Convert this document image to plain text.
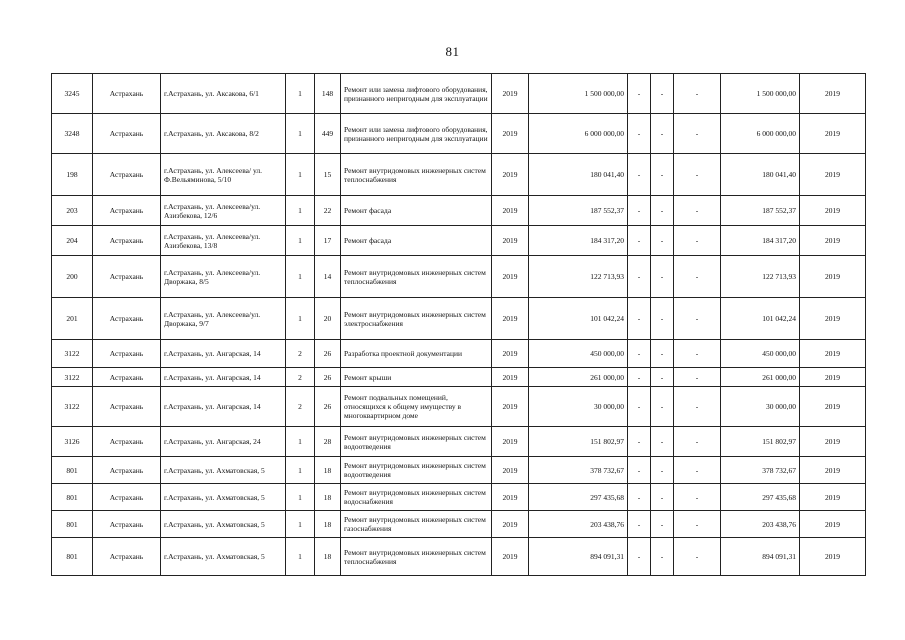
81
3245	Астрахань	г.Астрахань, ул. Аксакова, 6/1	1	148	Ремонт или замена лифтового оборудования, признанного непригодным для эксплуатации	2019	1 500 000,00	-	-	-	1 500 000,00	2019
3248	Астрахань	г.Астрахань, ул. Аксакова, 8/2	1	449	Ремонт или замена лифтового оборудования, признанного непригодным для эксплуатации	2019	6 000 000,00	-	-	-	6 000 000,00	2019
198	Астрахань	г.Астрахань, ул. Алексеева/ ул. Ф.Вельяминова, 5/10	1	15	Ремонт внутридомовых инженерных систем теплоснабжения	2019	180 041,40	-	-	-	180 041,40	2019
203	Астрахань	г.Астрахань, ул. Алексеева/ул. Азизбекова, 12/6	1	22	Ремонт фасада	2019	187 552,37	-	-	-	187 552,37	2019
204	Астрахань	г.Астрахань, ул. Алексеева/ул. Азизбекова, 13/8	1	17	Ремонт фасада	2019	184 317,20	-	-	-	184 317,20	2019
200	Астрахань	г.Астрахань, ул. Алексеева/ул. Дворжака, 8/5	1	14	Ремонт внутридомовых инженерных систем теплоснабжения	2019	122 713,93	-	-	-	122 713,93	2019
201	Астрахань	г.Астрахань, ул. Алексеева/ул. Дворжака, 9/7	1	20	Ремонт внутридомовых инженерных систем электроснабжения	2019	101 042,24	-	-	-	101 042,24	2019
3122	Астрахань	г.Астрахань, ул. Ангарская, 14	2	26	Разработка проектной документации	2019	450 000,00	-	-	-	450 000,00	2019
3122	Астрахань	г.Астрахань, ул. Ангарская, 14	2	26	Ремонт крыши	2019	261 000,00	-	-	-	261 000,00	2019
3122	Астрахань	г.Астрахань, ул. Ангарская, 14	2	26	Ремонт подвальных помещений, относящихся к общему имуществу в многоквартирном доме	2019	30 000,00	-	-	-	30 000,00	2019
3126	Астрахань	г.Астрахань, ул. Ангарская, 24	1	28	Ремонт внутридомовых инженерных систем водоотведения	2019	151 802,97	-	-	-	151 802,97	2019
801	Астрахань	г.Астрахань, ул. Ахматовская, 5	1	18	Ремонт внутридомовых инженерных систем водоотведения	2019	378 732,67	-	-	-	378 732,67	2019
801	Астрахань	г.Астрахань, ул. Ахматовская, 5	1	18	Ремонт внутридомовых инженерных систем водоснабжения	2019	297 435,68	-	-	-	297 435,68	2019
801	Астрахань	г.Астрахань, ул. Ахматовская, 5	1	18	Ремонт внутридомовых инженерных систем газоснабжения	2019	203 438,76	-	-	-	203 438,76	2019
801	Астрахань	г.Астрахань, ул. Ахматовская, 5	1	18	Ремонт внутридомовых инженерных систем теплоснабжения	2019	894 091,31	-	-	-	894 091,31	2019
